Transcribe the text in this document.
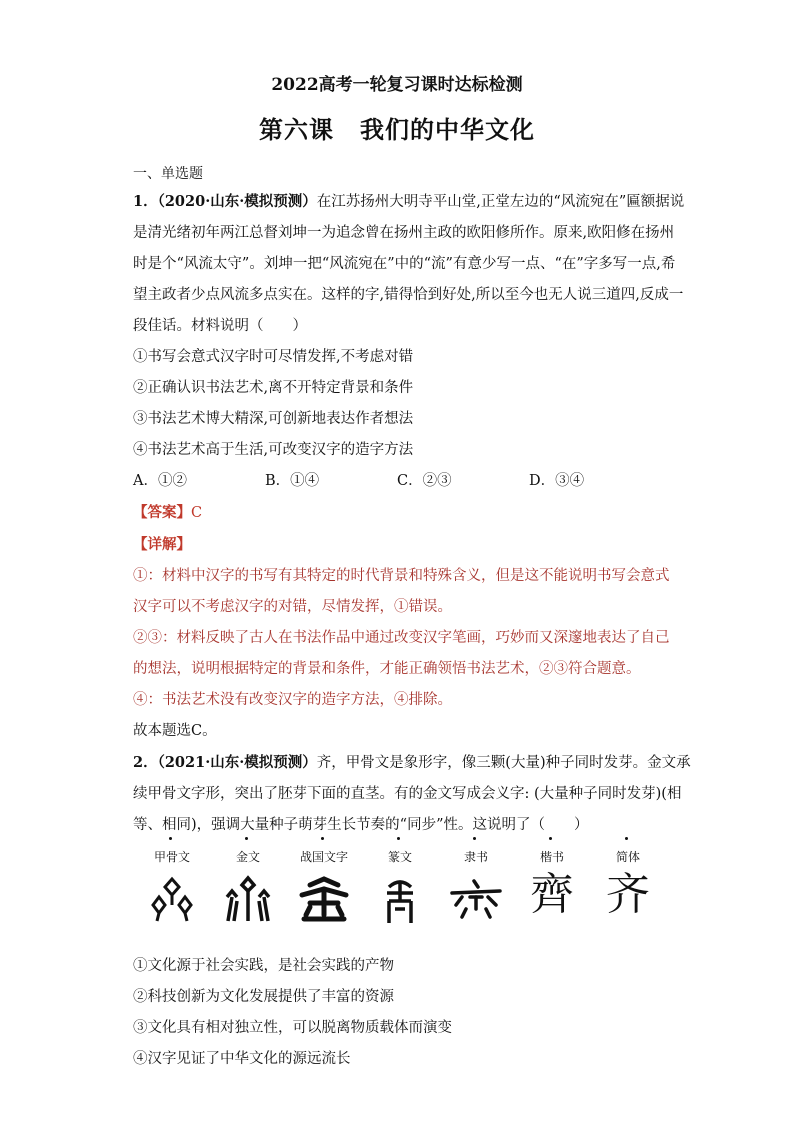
2022高考一轮复习课时达标检测
第六课 我们的中华文化
一、单选题
1．（2020·山东·模拟预测）在江苏扬州大明寺平山堂,正堂左边的“风流宛在”匾额据说
是清光绪初年两江总督刘坤一为追念曾在扬州主政的欧阳修所作。原来,欧阳修在扬州
时是个“风流太守”。刘坤一把“风流宛在”中的“流”有意少写一点、“在”字多写一点,希
望主政者少点风流多点实在。这样的字,错得恰到好处,所以至今也无人说三道四,反成一
段佳话。材料说明（　　）
①书写会意式汉字时可尽情发挥,不考虑对错
②正确认识书法艺术,离不开特定背景和条件
③书法艺术博大精深,可创新地表达作者想法
④书法艺术高于生活,可改变汉字的造字方法
A．①②	B．①④	C．②③	D．③④
【答案】C
【详解】
①：材料中汉字的书写有其特定的时代背景和特殊含义，但是这不能说明书写会意式
汉字可以不考虑汉字的对错，尽情发挥，①错误。
②③：材料反映了古人在书法作品中通过改变汉字笔画，巧妙而又深邃地表达了自己
的想法，说明根据特定的背景和条件，才能正确领悟书法艺术，②③符合题意。
④：书法艺术没有改变汉字的造字方法，④排除。
故本题选C。
2．（2021·山东·模拟预测）齐，甲骨文是象形字，像三颗(大量)种子同时发芽。金文承
续甲骨文字形，突出了胚芽下面的直茎。有的金文写成会义字: (大量种子同时发芽)(相
等、相同)，强调大量种子萌芽生长节奏的“同步”性。这说明了（　　）
甲骨文	金文	战国文字	篆文	隶书	楷书
齊
简体
齐
①文化源于社会实践，是社会实践的产物
②科技创新为文化发展提供了丰富的资源
③文化具有相对独立性，可以脱离物质载体而演变
④汉字见证了中华文化的源远流长
